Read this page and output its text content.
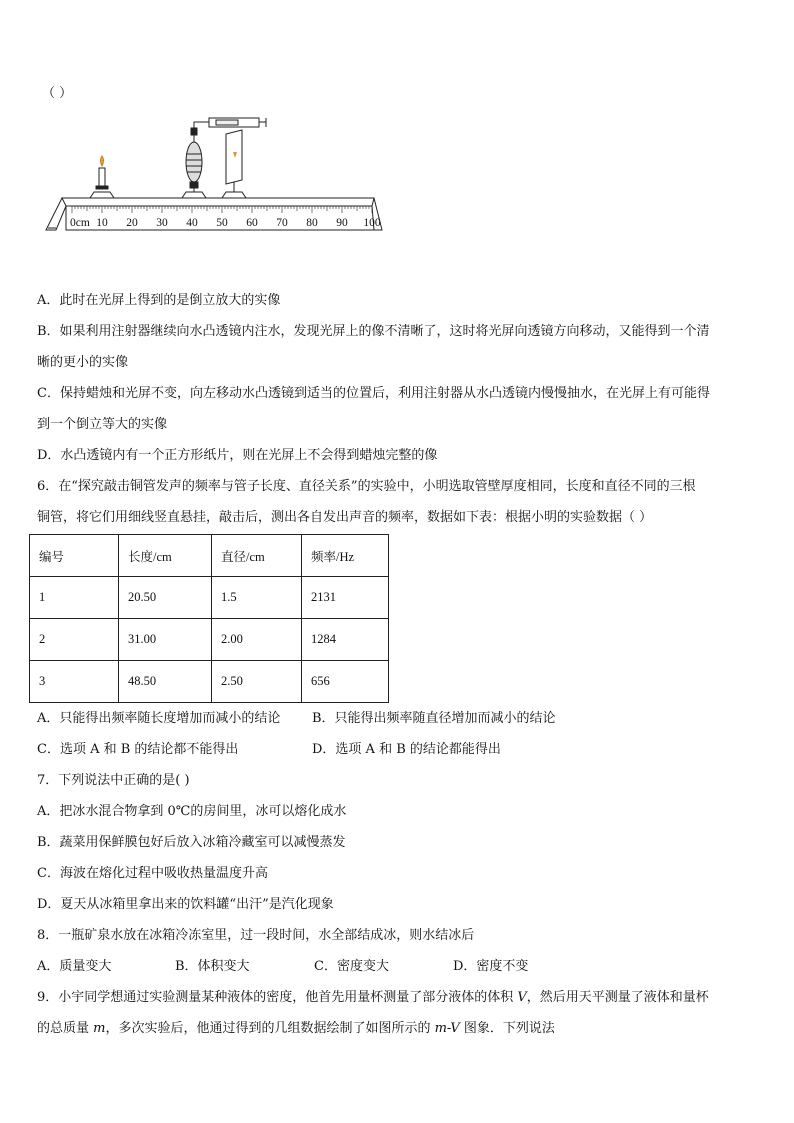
（ ）
0cm 10 20 30 40 50 60 70 80 90 100
A．此时在光屏上得到的是倒立放大的实像
B．如果利用注射器继续向水凸透镜内注水，发现光屏上的像不清晰了，这时将光屏向透镜方向移动，又能得到一个清
晰的更小的实像
C．保持蜡烛和光屏不变，向左移动水凸透镜到适当的位置后，利用注射器从水凸透镜内慢慢抽水，在光屏上有可能得
到一个倒立等大的实像
D．水凸透镜内有一个正方形纸片，则在光屏上不会得到蜡烛完整的像
6．在“探究敲击铜管发声的频率与管子长度、直径关系”的实验中，小明选取管壁厚度相同，长度和直径不同的三根
铜管，将它们用细线竖直悬挂，敲击后，测出各自发出声音的频率，数据如下表：根据小明的实验数据（ ）
编号	长度/cm	直径/cm	频率/Hz
1	20.50	1.5	2131
2	31.00	2.00	1284
3	48.50	2.50	656
A．只能得出频率随长度增加而减小的结论 B．只能得出频率随直径增加而减小的结论
C．选项 A 和 B 的结论都不能得出	D．选项 A 和 B 的结论都能得出
7．下列说法中正确的是( )
A．把冰水混合物拿到 0℃的房间里，冰可以熔化成水
B．蔬菜用保鲜膜包好后放入冰箱冷藏室可以减慢蒸发
C．海波在熔化过程中吸收热量温度升高
D．夏天从冰箱里拿出来的饮料罐“出汗”是汽化现象
8．一瓶矿泉水放在冰箱冷冻室里，过一段时间，水全部结成冰，则水结冰后
A．质量变大	B．体积变大	C．密度变大	D．密度不变
9．小宇同学想通过实验测量某种液体的密度，他首先用量杯测量了部分液体的体积 V，然后用天平测量了液体和量杯
的总质量 m，多次实验后，他通过得到的几组数据绘制了如图所示的 m-V 图象．下列说法
